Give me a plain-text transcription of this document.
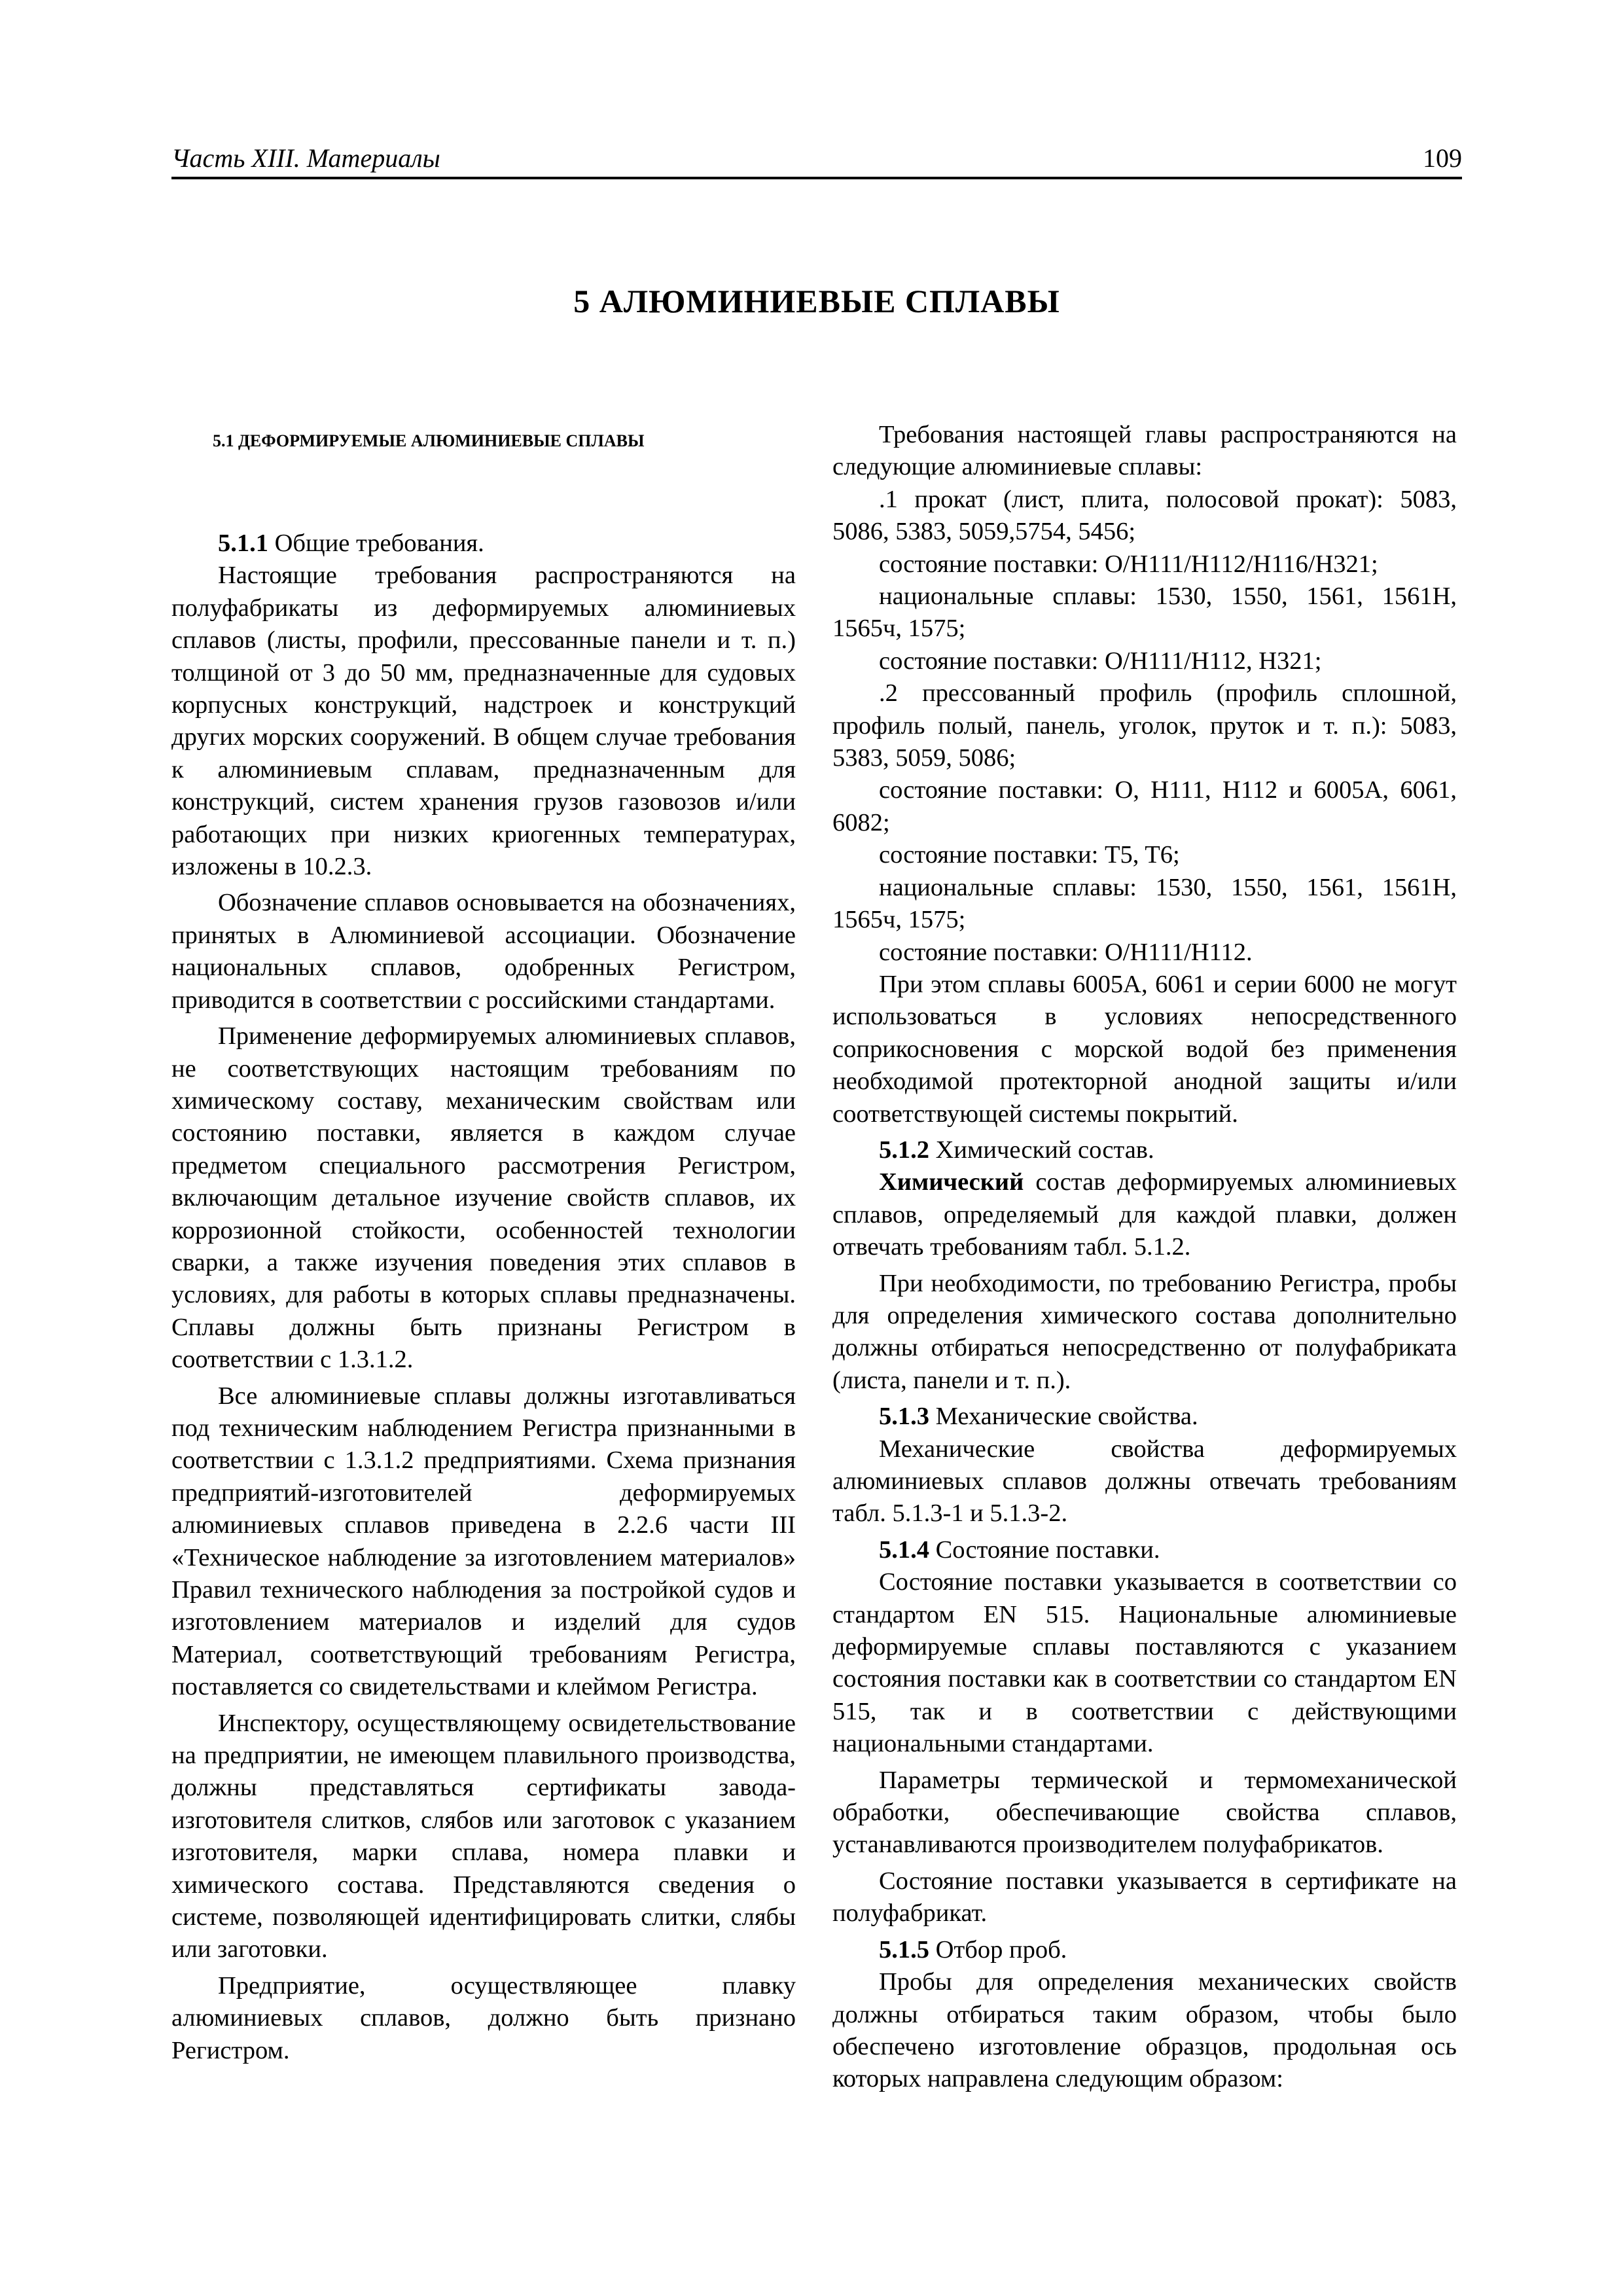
Часть XIII. Материалы	109
5 АЛЮМИНИЕВЫЕ СПЛАВЫ
5.1 ДЕФОРМИРУЕМЫЕ АЛЮМИНИЕВЫЕ СПЛАВЫ

5.1.1 Общие требования.

Настоящие требования распространяются на полуфабрикаты из деформируемых алюминиевых сплавов (листы, профили, прессованные панели и т. п.) толщиной от 3 до 50 мм, предназначенные для судовых корпусных конструкций, надстроек и конструкций других морских сооружений. В общем случае требования к алюминиевым сплавам, предназначенным для конструкций, систем хранения грузов газовозов и/или работающих при низких криогенных температурах, изложены в 10.2.3.

Обозначение сплавов основывается на обозначениях, принятых в Алюминиевой ассоциации. Обозначение национальных сплавов, одобренных Регистром, приводится в соответствии с российскими стандартами.

Применение деформируемых алюминиевых сплавов, не соответствующих настоящим требованиям по химическому составу, механическим свойствам или состоянию поставки, является в каждом случае предметом специального рассмотрения Регистром, включающим детальное изучение свойств сплавов, их коррозионной стойкости, особенностей технологии сварки, а также изучения поведения этих сплавов в условиях, для работы в которых сплавы предназначены. Сплавы должны быть признаны Регистром в соответствии с 1.3.1.2.

Все алюминиевые сплавы должны изготавливаться под техническим наблюдением Регистра признанными в соответствии с 1.3.1.2 предприятиями. Схема признания предприятий-изготовителей деформируемых алюминиевых сплавов приведена в 2.2.6 части III «Техническое наблюдение за изготовлением материалов» Правил технического наблюдения за постройкой судов и изготовлением материалов и изделий для судов Материал, соответствующий требованиям Регистра, поставляется со свидетельствами и клеймом Регистра.

Инспектору, осуществляющему освидетельствование на предприятии, не имеющем плавильного производства, должны представляться сертификаты завода-изготовителя слитков, слябов или заготовок с указанием изготовителя, марки сплава, номера плавки и химического состава. Представляются сведения о системе, позволяющей идентифицировать слитки, слябы или заготовки.

Предприятие, осуществляющее плавку алюминиевых сплавов, должно быть признано Регистром.

Требования настоящей главы распространяются на следующие алюминиевые сплавы:

.1 прокат (лист, плита, полосовой прокат): 5083, 5086, 5383, 5059,5754, 5456;

состояние поставки: O/H111/H112/H116/H321;

национальные сплавы: 1530, 1550, 1561, 1561Н, 1565ч, 1575;

состояние поставки: O/H111/H112, H321;

.2 прессованный профиль (профиль сплошной, профиль полый, панель, уголок, пруток и т. п.): 5083, 5383, 5059, 5086;

состояние поставки: O, H111, H112 и 6005А, 6061, 6082;

состояние поставки: T5, T6;

национальные сплавы: 1530, 1550, 1561, 1561Н, 1565ч, 1575;

состояние поставки: O/H111/H112.

При этом сплавы 6005А, 6061 и серии 6000 не могут использоваться в условиях непосредственного соприкосновения с морской водой без применения необходимой протекторной анодной защиты и/или соответствующей системы покрытий.

5.1.2 Химический состав.

Химический состав деформируемых алюминиевых сплавов, определяемый для каждой плавки, должен отвечать требованиям табл. 5.1.2.

При необходимости, по требованию Регистра, пробы для определения химического состава дополнительно должны отбираться непосредственно от полуфабриката (листа, панели и т. п.).

5.1.3 Механические свойства.

Механические свойства деформируемых алюминиевых сплавов должны отвечать требованиям табл. 5.1.3-1 и 5.1.3-2.

5.1.4 Состояние поставки.

Состояние поставки указывается в соответствии со стандартом EN 515. Национальные алюминиевые деформируемые сплавы поставляются с указанием состояния поставки как в соответствии со стандартом EN 515, так и в соответствии с действующими национальными стандартами.

Параметры термической и термомеханической обработки, обеспечивающие свойства сплавов, устанавливаются производителем полуфабрикатов.

Состояние поставки указывается в сертификате на полуфабрикат.

5.1.5 Отбор проб.

Пробы для определения механических свойств должны отбираться таким образом, чтобы было обеспечено изготовление образцов, продольная ось которых направлена следующим образом:
